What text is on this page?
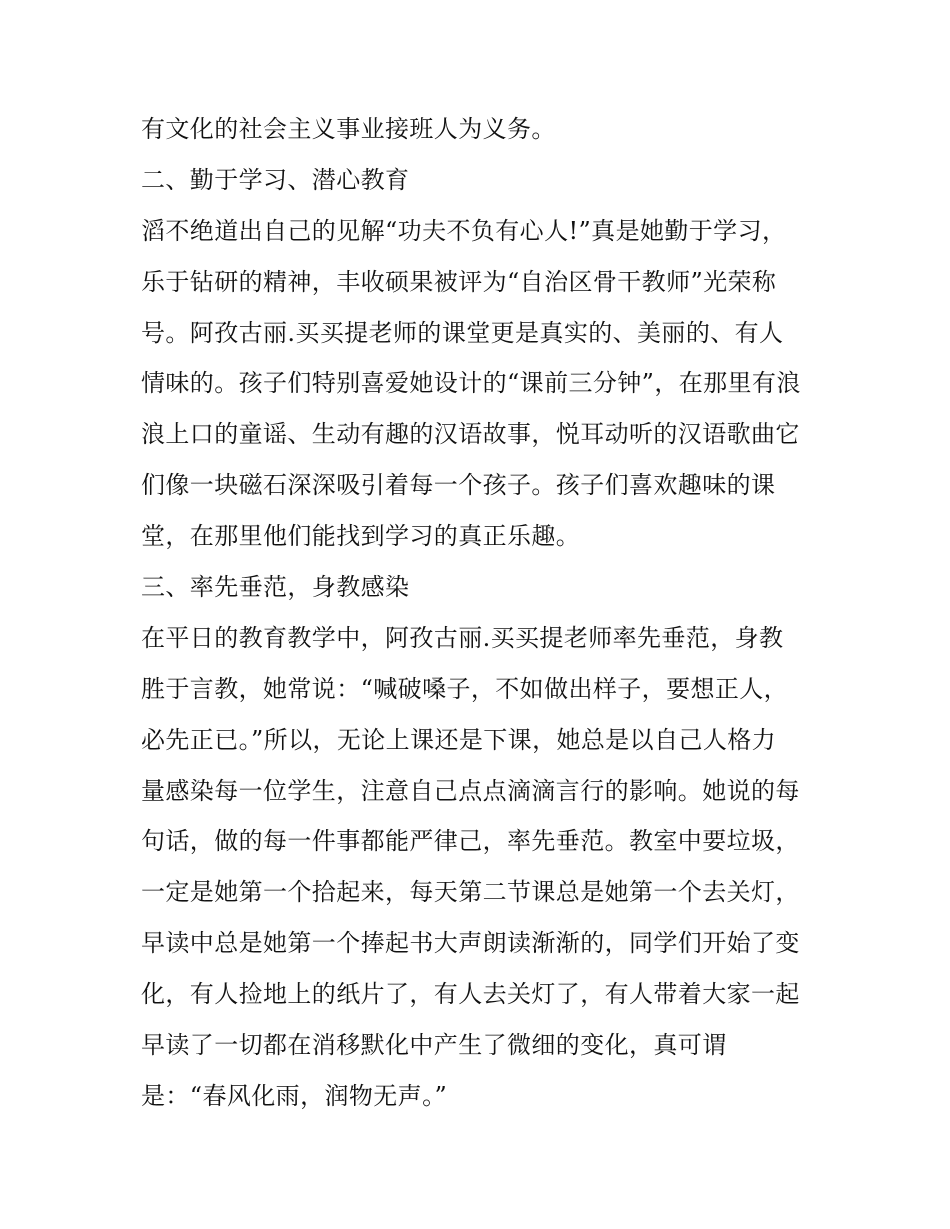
有文化的社会主义事业接班人为义务。
二、勤于学习、潜心教育
滔不绝道出自己的见解“功夫不负有心人!”真是她勤于学习，
乐于钻研的精神，丰收硕果被评为“自治区骨干教师”光荣称
号。阿孜古丽.买买提老师的课堂更是真实的、美丽的、有人
情味的。孩子们特别喜爱她设计的“课前三分钟”，在那里有浪
浪上口的童谣、生动有趣的汉语故事，悦耳动听的汉语歌曲它
们像一块磁石深深吸引着每一个孩子。孩子们喜欢趣味的课
堂，在那里他们能找到学习的真正乐趣。
三、率先垂范，身教感染
在平日的教育教学中，阿孜古丽.买买提老师率先垂范，身教
胜于言教，她常说：“喊破嗓子，不如做出样子，要想正人，
必先正已。”所以，无论上课还是下课，她总是以自己人格力
量感染每一位学生，注意自己点点滴滴言行的影响。她说的每
句话，做的每一件事都能严律己，率先垂范。教室中要垃圾，
一定是她第一个拾起来，每天第二节课总是她第一个去关灯，
早读中总是她第一个捧起书大声朗读渐渐的，同学们开始了变
化，有人捡地上的纸片了，有人去关灯了，有人带着大家一起
早读了一切都在消移默化中产生了微细的变化，真可谓
是：“春风化雨，润物无声。”
